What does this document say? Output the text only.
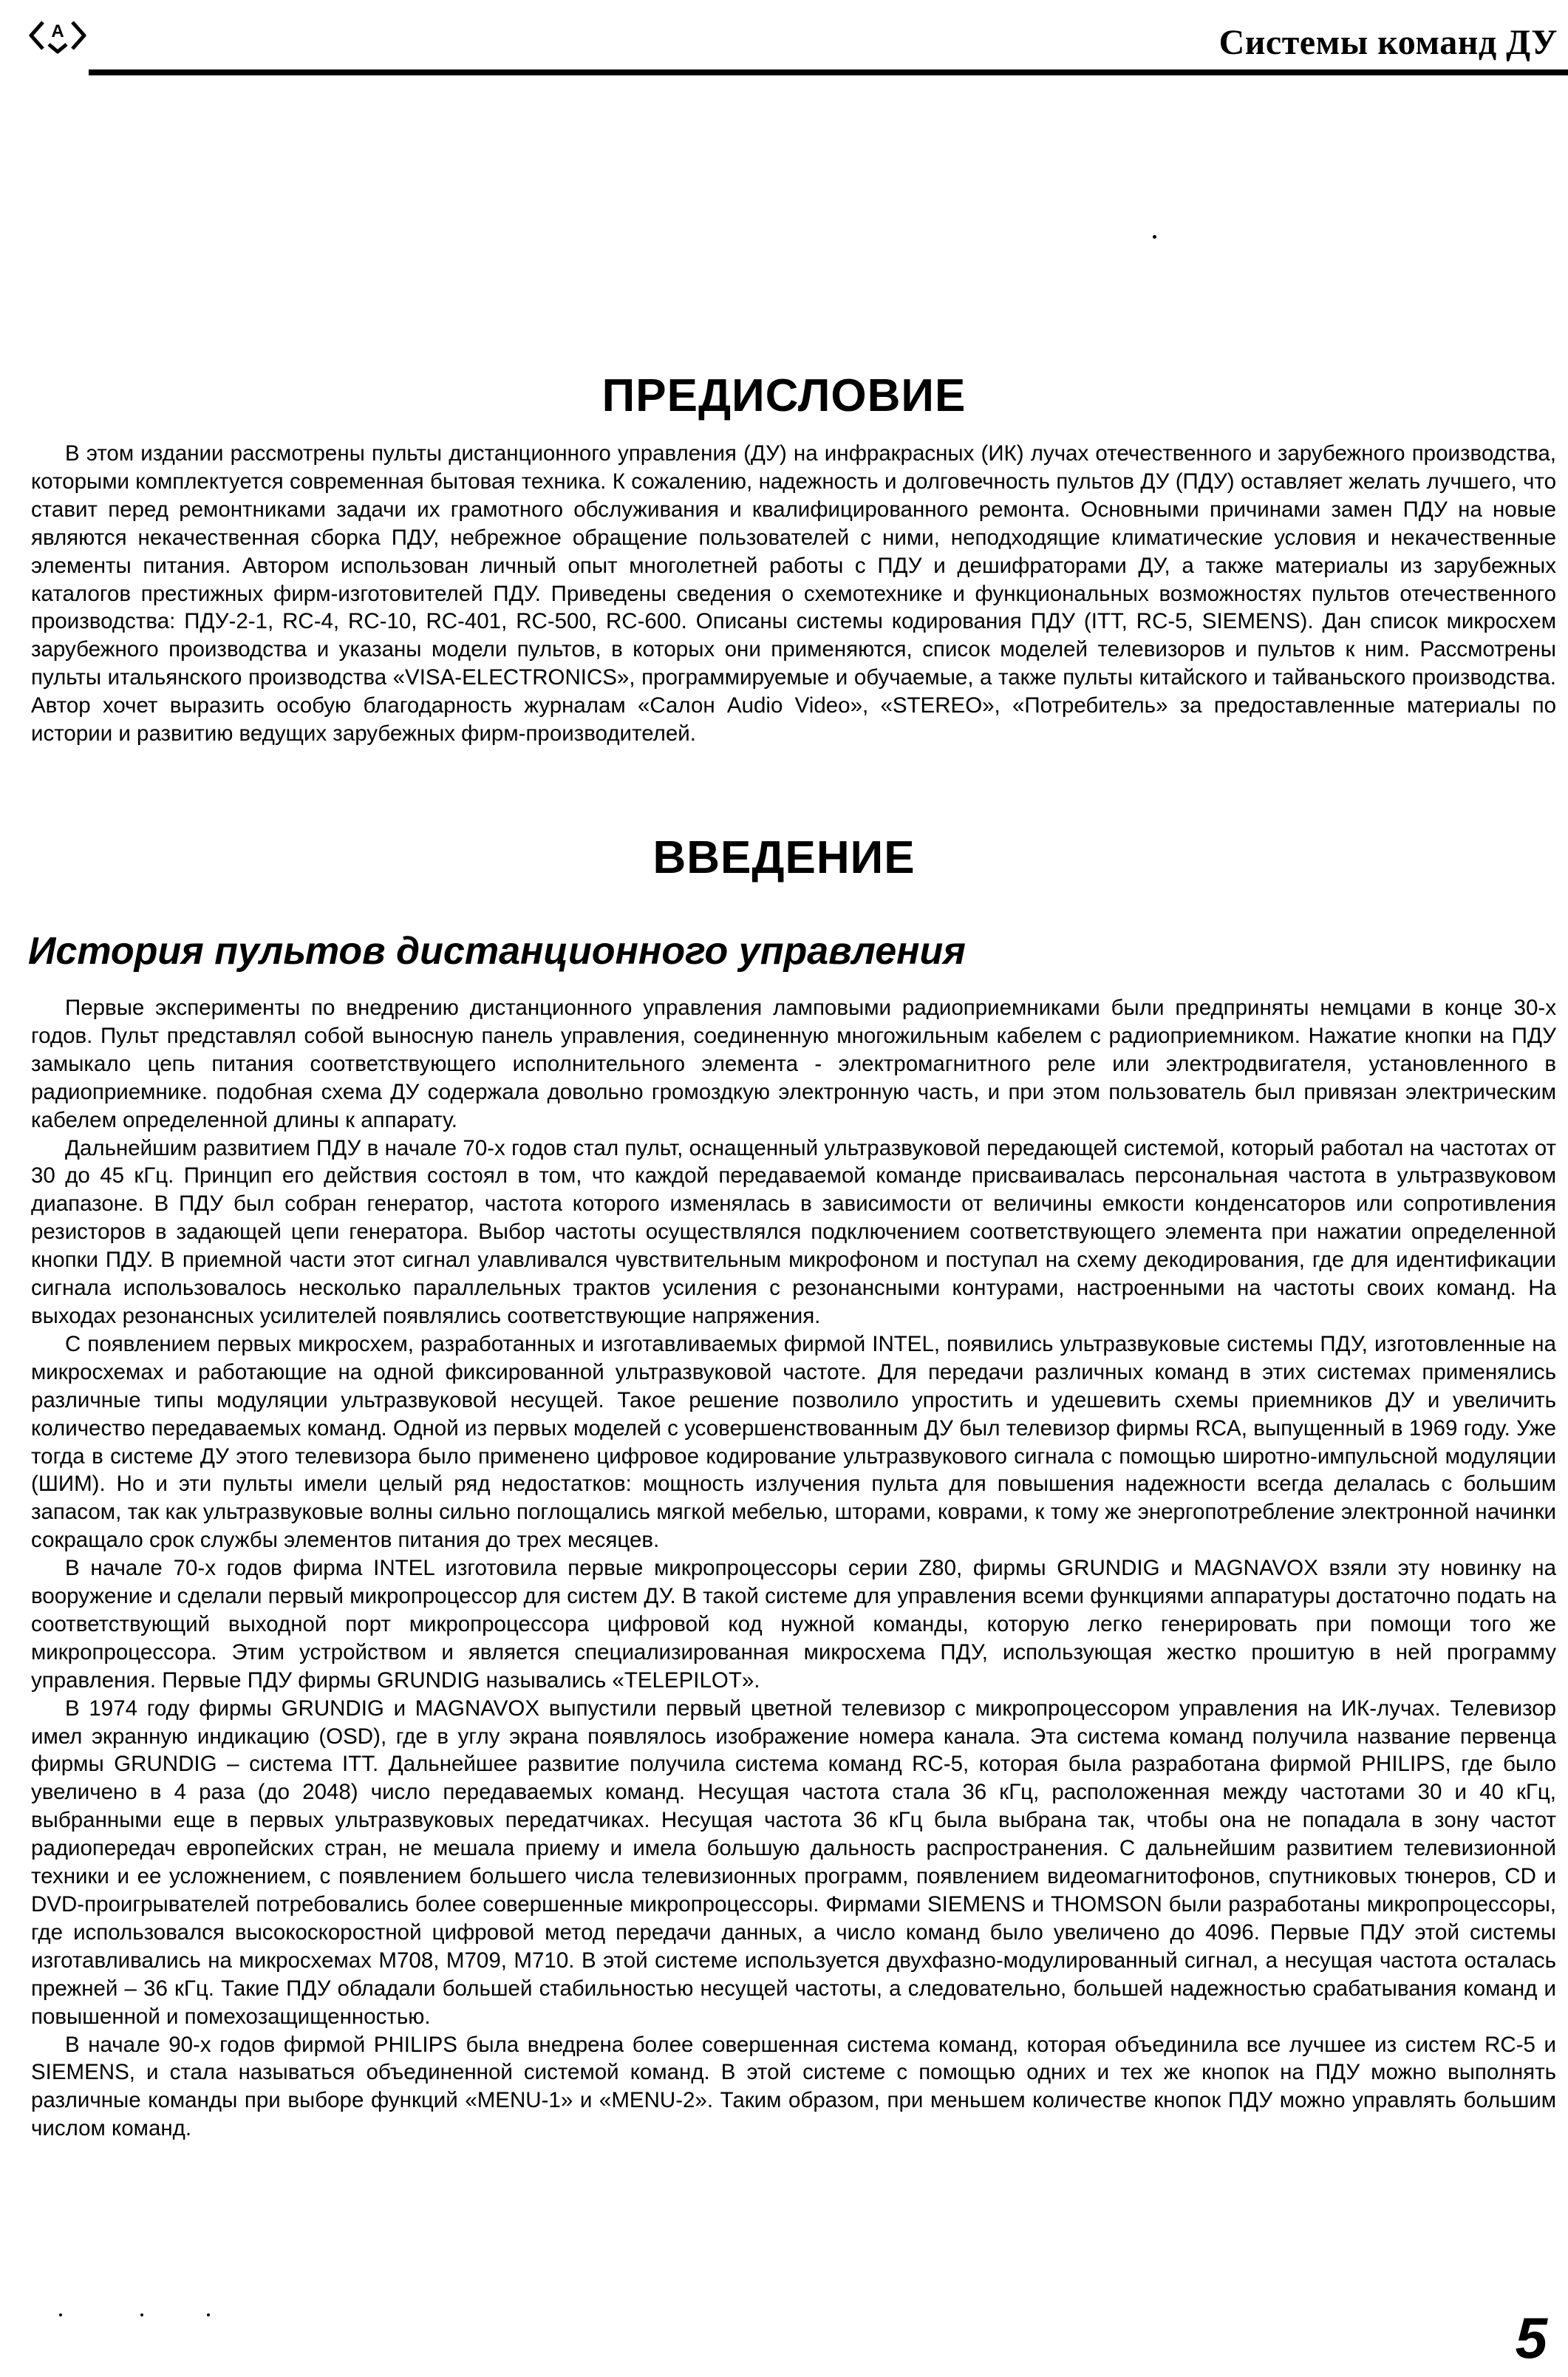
A	Системы команд ДУ
ПРЕДИСЛОВИЕ

В этом издании рассмотрены пульты дистанционного управления (ДУ) на инфракрасных (ИК) лучах отечественного и зарубежного производства, которыми комплектуется современная бытовая техника. К сожалению, надежность и долговечность пультов ДУ (ПДУ) оставляет желать лучшего, что ставит перед ремонтниками задачи их грамотного обслуживания и квалифицированного ремонта. Основными причинами замен ПДУ на новые являются некачественная сборка ПДУ, небрежное обращение пользователей с ними, неподходящие климатические условия и некачественные элементы питания. Автором использован личный опыт многолетней работы с ПДУ и дешифраторами ДУ, а также материалы из зарубежных каталогов престижных фирм-изготовителей ПДУ. Приведены сведения о схемотехнике и функциональных возможностях пультов отечественного производства: ПДУ-2-1, RC-4, RC-10, RC-401, RC-500, RC-600. Описаны системы кодирования ПДУ (ITT, RC-5, SIEMENS). Дан список микросхем зарубежного производства и указаны модели пультов, в которых они применяются, список моделей телевизоров и пультов к ним. Рассмотрены пульты итальянского производства «VISA-ELECTRONICS», программируемые и обучаемые, а также пульты китайского и тайваньского производства. Автор хочет выразить особую благодарность журналам «Салон Audio Video», «STEREO», «Потребитель» за предоставленные материалы по истории и развитию ведущих зарубежных фирм-производителей.

ВВЕДЕНИЕ
История пультов дистанционного управления

Первые эксперименты по внедрению дистанционного управления ламповыми радиоприемниками были предприняты немцами в конце 30-х годов. Пульт представлял собой выносную панель управления, соединенную многожильным кабелем с радиоприемником. Нажатие кнопки на ПДУ замыкало цепь питания соответствующего исполнительного элемента - электромагнитного реле или электродвигателя, установленного в радиоприемнике. подобная схема ДУ содержала довольно громоздкую электронную часть, и при этом пользователь был привязан электрическим кабелем определенной длины к аппарату.

Дальнейшим развитием ПДУ в начале 70-х годов стал пульт, оснащенный ультразвуковой передающей системой, который работал на частотах от 30 до 45 кГц. Принцип его действия состоял в том, что каждой передаваемой команде присваивалась персональная частота в ультразвуковом диапазоне. В ПДУ был собран генератор, частота которого изменялась в зависимости от величины емкости конденсаторов или сопротивления резисторов в задающей цепи генератора. Выбор частоты осуществлялся подключением соответствующего элемента при нажатии определенной кнопки ПДУ. В приемной части этот сигнал улавливался чувствительным микрофоном и поступал на схему декодирования, где для идентификации сигнала использовалось несколько параллельных трактов усиления с резонансными контурами, настроенными на частоты своих команд. На выходах резонансных усилителей появлялись соответствующие напряжения.

С появлением первых микросхем, разработанных и изготавливаемых фирмой INTEL, появились ультразвуковые системы ПДУ, изготовленные на микросхемах и работающие на одной фиксированной ультразвуковой частоте. Для передачи различных команд в этих системах применялись различные типы модуляции ультразвуковой несущей. Такое решение позволило упростить и удешевить схемы приемников ДУ и увеличить количество передаваемых команд. Одной из первых моделей с усовершенствованным ДУ был телевизор фирмы RCA, выпущенный в 1969 году. Уже тогда в системе ДУ этого телевизора было применено цифровое кодирование ультразвукового сигнала с помощью широтно-импульсной модуляции (ШИМ). Но и эти пульты имели целый ряд недостатков: мощность излучения пульта для повышения надежности всегда делалась с большим запасом, так как ультразвуковые волны сильно поглощались мягкой мебелью, шторами, коврами, к тому же энергопотребление электронной начинки сокращало срок службы элементов питания до трех месяцев.

В начале 70-х годов фирма INTEL изготовила первые микропроцессоры серии Z80, фирмы GRUNDIG и MAGNAVOX взяли эту новинку на вооружение и сделали первый микропроцессор для систем ДУ. В такой системе для управления всеми функциями аппаратуры достаточно подать на соответствующий выходной порт микропроцессора цифровой код нужной команды, которую легко генерировать при помощи того же микропроцессора. Этим устройством и является специализированная микросхема ПДУ, использующая жестко прошитую в ней программу управления. Первые ПДУ фирмы GRUNDIG назывались «TELEPILOT».

В 1974 году фирмы GRUNDIG и MAGNAVOX выпустили первый цветной телевизор с микропроцессором управления на ИК-лучах. Телевизор имел экранную индикацию (OSD), где в углу экрана появлялось изображение номера канала. Эта система команд получила название первенца фирмы GRUNDIG – система ITT. Дальнейшее развитие получила система команд RC-5, которая была разработана фирмой PHILIPS, где было увеличено в 4 раза (до 2048) число передаваемых команд. Несущая частота стала 36 кГц, расположенная между частотами 30 и 40 кГц, выбранными еще в первых ультразвуковых передатчиках. Несущая частота 36 кГц была выбрана так, чтобы она не попадала в зону частот радиопередач европейских стран, не мешала приему и имела большую дальность распространения. С дальнейшим развитием телевизионной техники и ее усложнением, с появлением большего числа телевизионных программ, появлением видеомагнитофонов, спутниковых тюнеров, CD и DVD-проигрывателей потребовались более совершенные микропроцессоры. Фирмами SIEMENS и THOMSON были разработаны микропроцессоры, где использовался высокоскоростной цифровой метод передачи данных, а число команд было увеличено до 4096. Первые ПДУ этой системы изготавливались на микросхемах M708, M709, M710. В этой системе используется двухфазно-модулированный сигнал, а несущая частота осталась прежней – 36 кГц. Такие ПДУ обладали большей стабильностью несущей частоты, а следовательно, большей надежностью срабатывания команд и повышенной и помехозащищенностью.

В начале 90-х годов фирмой PHILIPS была внедрена более совершенная система команд, которая объединила все лучшее из систем RC-5 и SIEMENS, и стала называться объединенной системой команд. В этой системе с помощью одних и тех же кнопок на ПДУ можно выполнять различные команды при выборе функций «MENU-1» и «MENU-2». Таким образом, при меньшем количестве кнопок ПДУ можно управлять большим числом команд.

5
